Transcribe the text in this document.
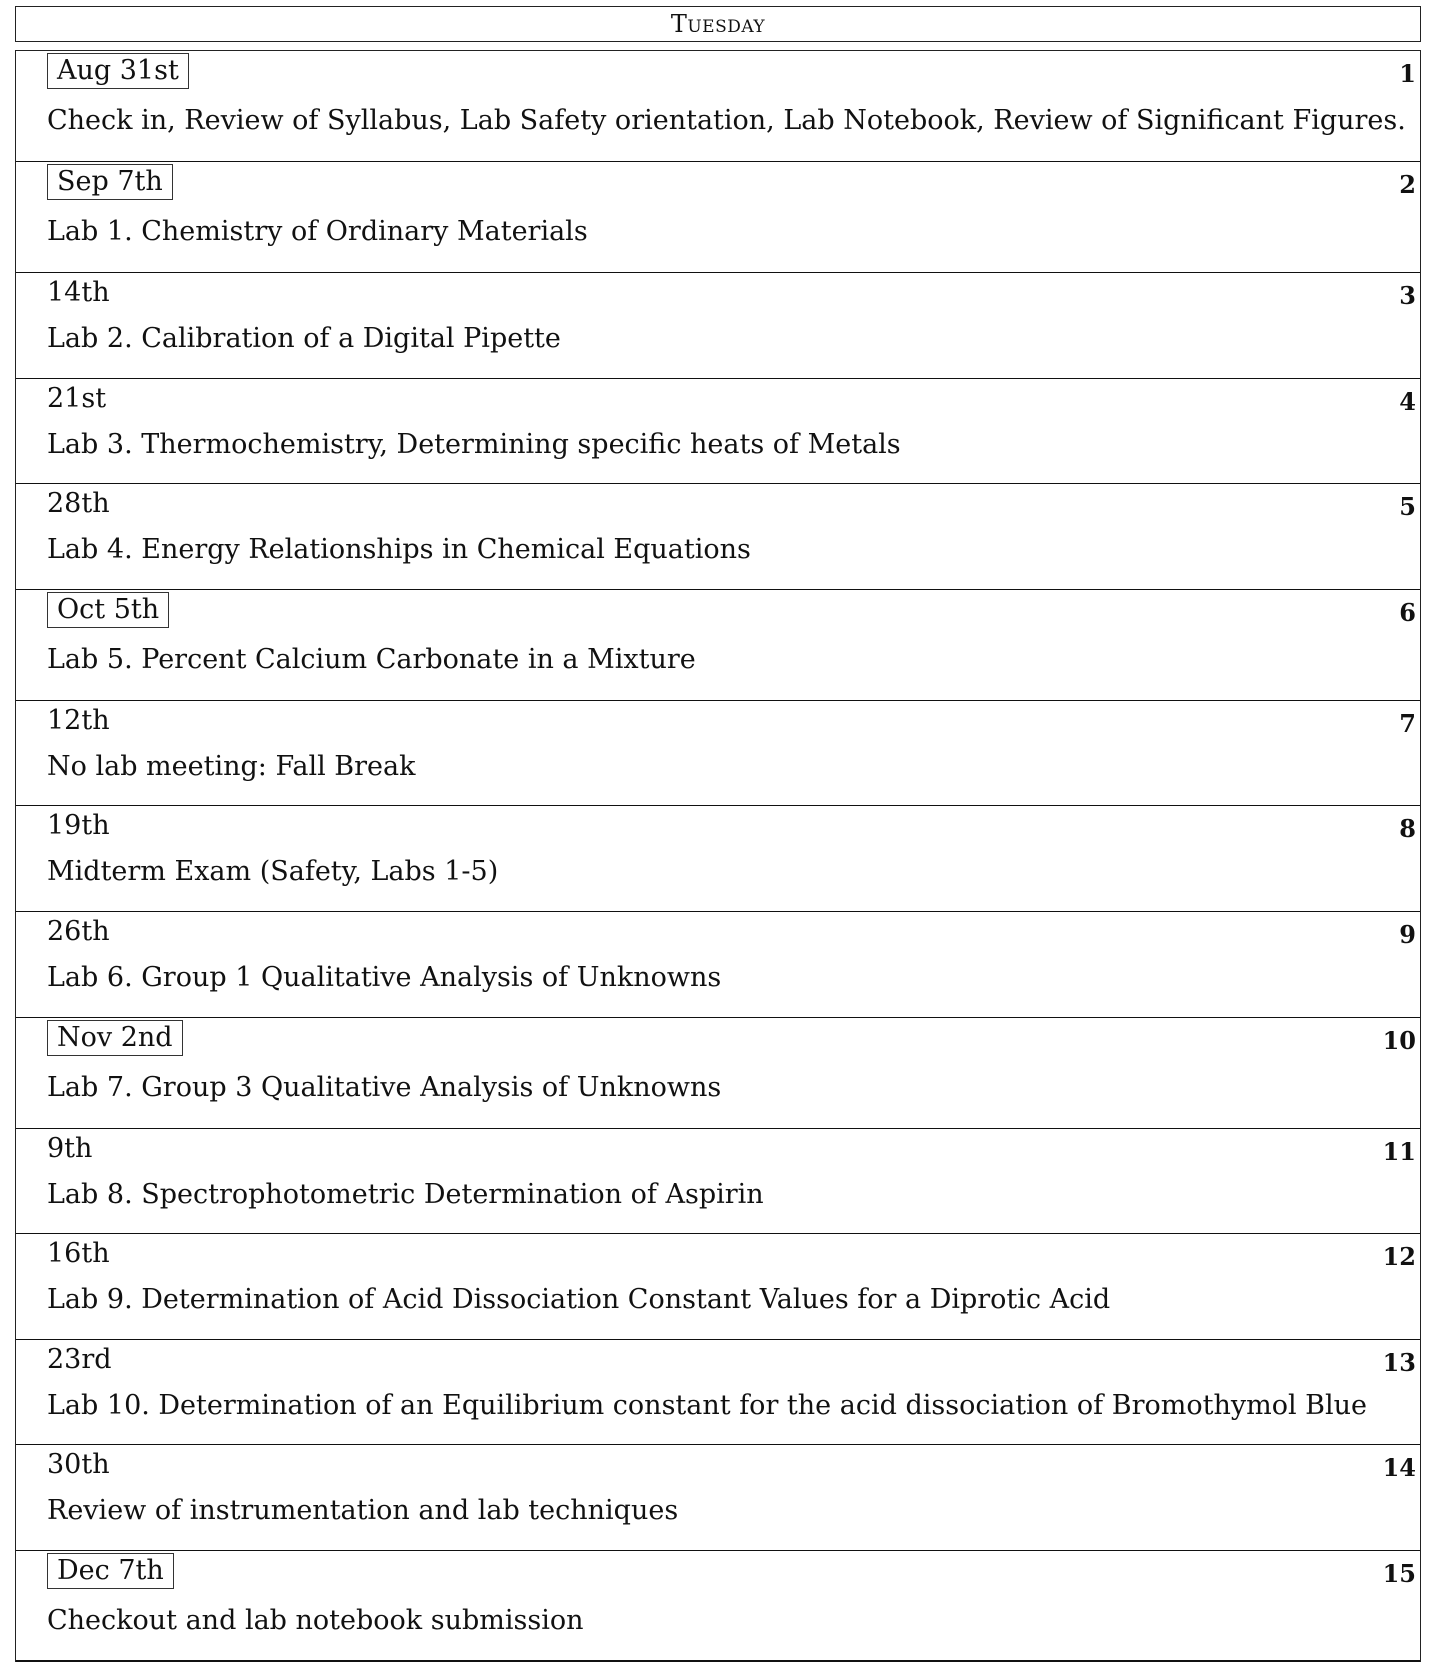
Tuesday
Aug 31st	1
Check in, Review of Syllabus, Lab Safety orientation, Lab Notebook, Review of Significant Figures.
Sep 7th	2
Lab 1. Chemistry of Ordinary Materials
14th	3
Lab 2. Calibration of a Digital Pipette
21st	4
Lab 3. Thermochemistry, Determining specific heats of Metals
28th	5
Lab 4. Energy Relationships in Chemical Equations
Oct 5th	6
Lab 5. Percent Calcium Carbonate in a Mixture
12th	7
No lab meeting: Fall Break
19th	8
Midterm Exam (Safety, Labs 1-5)
26th	9
Lab 6. Group 1 Qualitative Analysis of Unknowns
Nov 2nd	10
Lab 7. Group 3 Qualitative Analysis of Unknowns
9th	11
Lab 8. Spectrophotometric Determination of Aspirin
16th	12
Lab 9. Determination of Acid Dissociation Constant Values for a Diprotic Acid
23rd	13
Lab 10. Determination of an Equilibrium constant for the acid dissociation of Bromothymol Blue
30th	14
Review of instrumentation and lab techniques
Dec 7th	15
Checkout and lab notebook submission
